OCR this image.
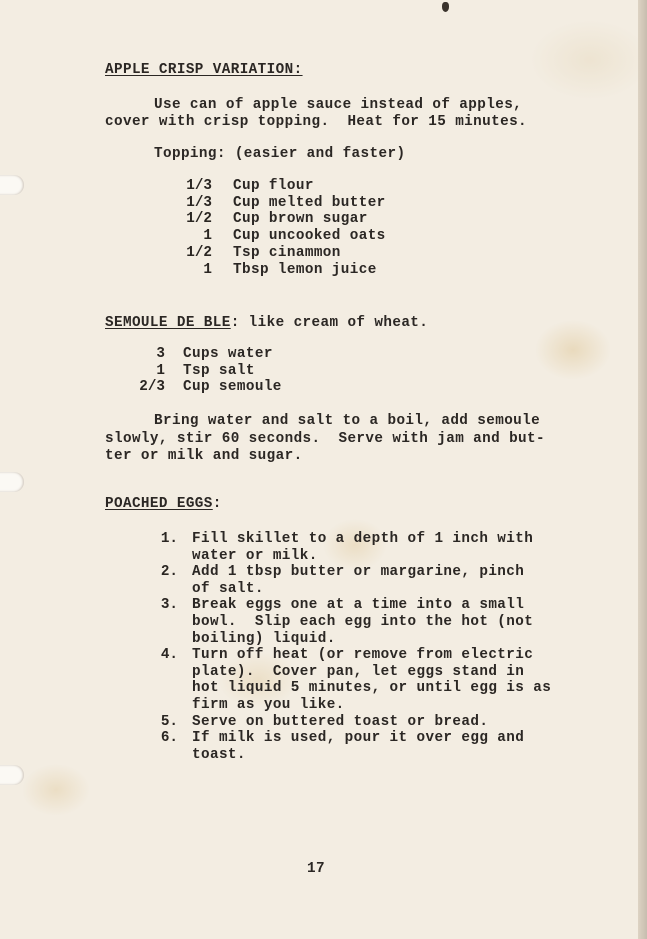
APPLE CRISP VARIATION:
Use can of apple sauce instead of apples,
cover with crisp topping.  Heat for 15 minutes.
Topping: (easier and faster)
1/3 Cup flour
1/3 Cup melted butter
1/2 Cup brown sugar
1 Cup uncooked oats
1/2 Tsp cinammon
1 Tbsp lemon juice
SEMOULE DE BLE: like cream of wheat.
3 Cups water
1 Tsp salt
2/3 Cup semoule
Bring water and salt to a boil, add semoule
slowly, stir 60 seconds.  Serve with jam and but-
ter or milk and sugar.
POACHED EGGS:
1. Fill skillet to a depth of 1 inch with
water or milk.
2. Add 1 tbsp butter or margarine, pinch
of salt.
3. Break eggs one at a time into a small
bowl.  Slip each egg into the hot (not
boiling) liquid.
4. Turn off heat (or remove from electric
plate).  Cover pan, let eggs stand in
hot liquid 5 minutes, or until egg is as
firm as you like.
5. Serve on buttered toast or bread.
6. If milk is used, pour it over egg and
toast.
17
